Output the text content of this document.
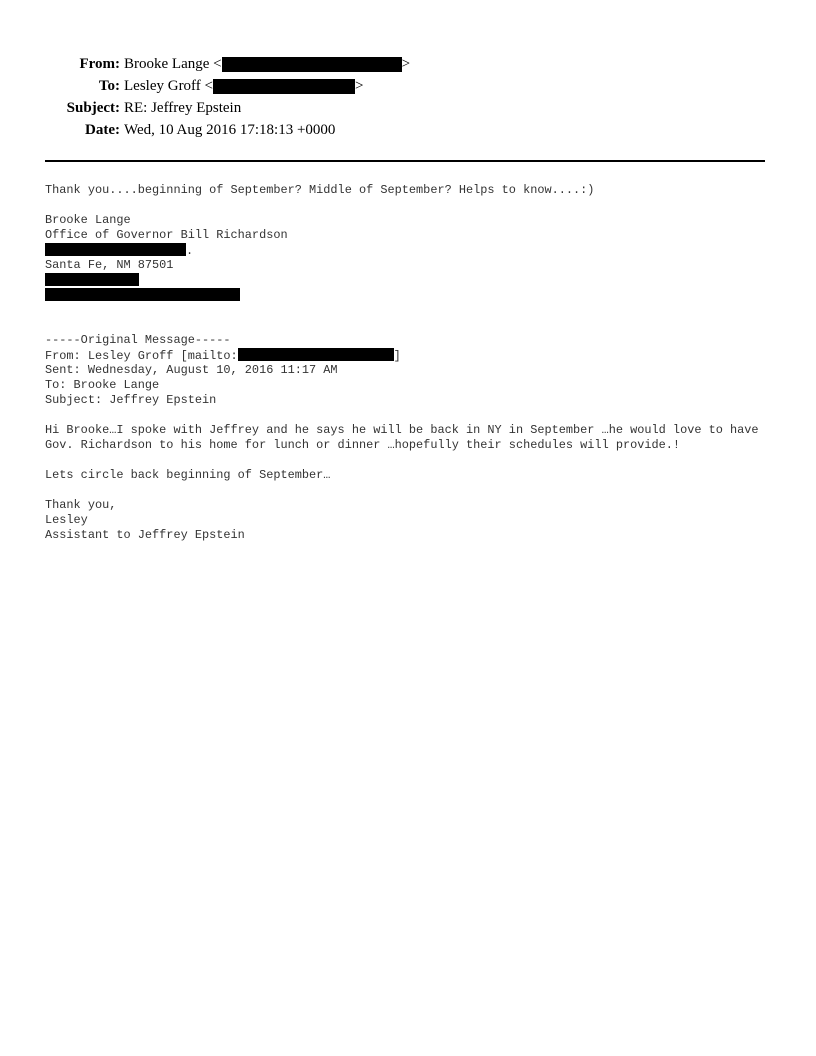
From: Brooke Lange <	>
To: Lesley Groff <	>
Subject: RE: Jeffrey Epstein
Date: Wed, 10 Aug 2016 17:18:13 +0000
Thank you....beginning of September? Middle of September? Helps to know....:)
Brooke Lange
Office of Governor Bill Richardson
.
Santa Fe, NM 87501
-----Original Message-----
From: Lesley Groff [mailto:	]
Sent: Wednesday, August 10, 2016 11:17 AM
To: Brooke Lange
Subject: Jeffrey Epstein
Hi Brooke…I spoke with Jeffrey and he says he will be back in NY in September …he would love to have Gov. Richardson to his home for lunch or dinner …hopefully their schedules will provide.!
Lets circle back beginning of September…
Thank you,
Lesley
Assistant to Jeffrey Epstein
